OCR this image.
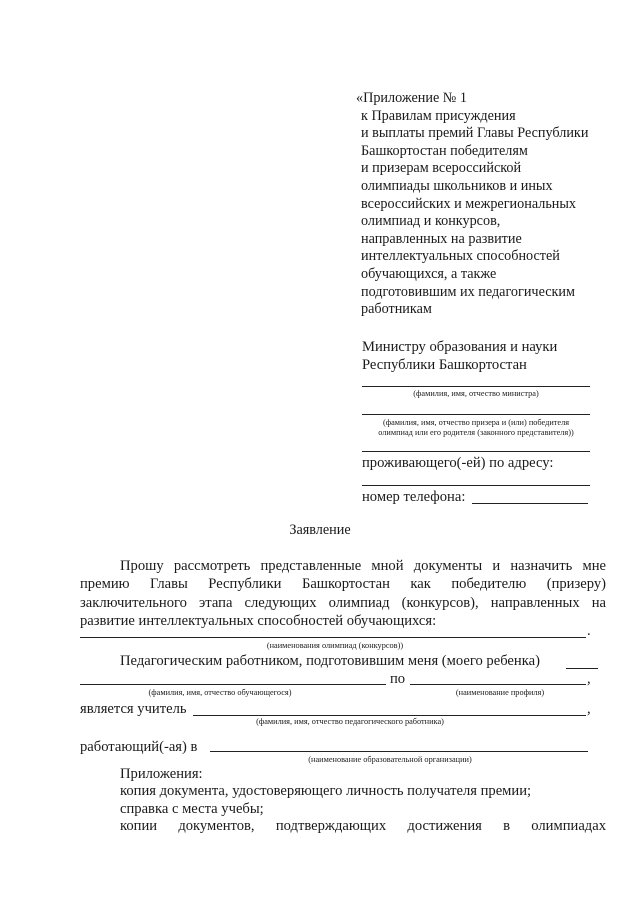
«Приложение № 1
к Правилам присуждения
и выплаты премий Главы Республики
Башкортостан победителям
и призерам всероссийской
олимпиады школьников и иных
всероссийских и межрегиональных
олимпиад и конкурсов,
направленных на развитие
интеллектуальных способностей
обучающихся, а также
подготовившим их педагогическим
работникам
Министру образования и науки
Республики Башкортостан
(фамилия, имя, отчество министра)
(фамилия, имя, отчество призера и (или) победителя
олимпиад или его родителя (законного представителя))
проживающего(-ей) по адресу:
номер телефона:
Заявление
Прошу рассмотреть представленные мной документы и назначить мне
премию Главы Республики Башкортостан как победителю (призеру)
заключительного этапа следующих олимпиад (конкурсов), направленных на
развитие интеллектуальных способностей обучающихся:
.
(наименования олимпиад (конкурсов))
Педагогическим работником, подготовившим меня (моего ребенка)
по	,
(фамилия, имя, отчество обучающегося)	(наименование профиля)
является учитель	,
(фамилия, имя, отчество педагогического работника)
работающий(-ая) в
(наименование образовательной организации)
Приложения:
копия документа, удостоверяющего личность получателя премии;
справка с места учебы;
копии документов, подтверждающих достижения в олимпиадах
